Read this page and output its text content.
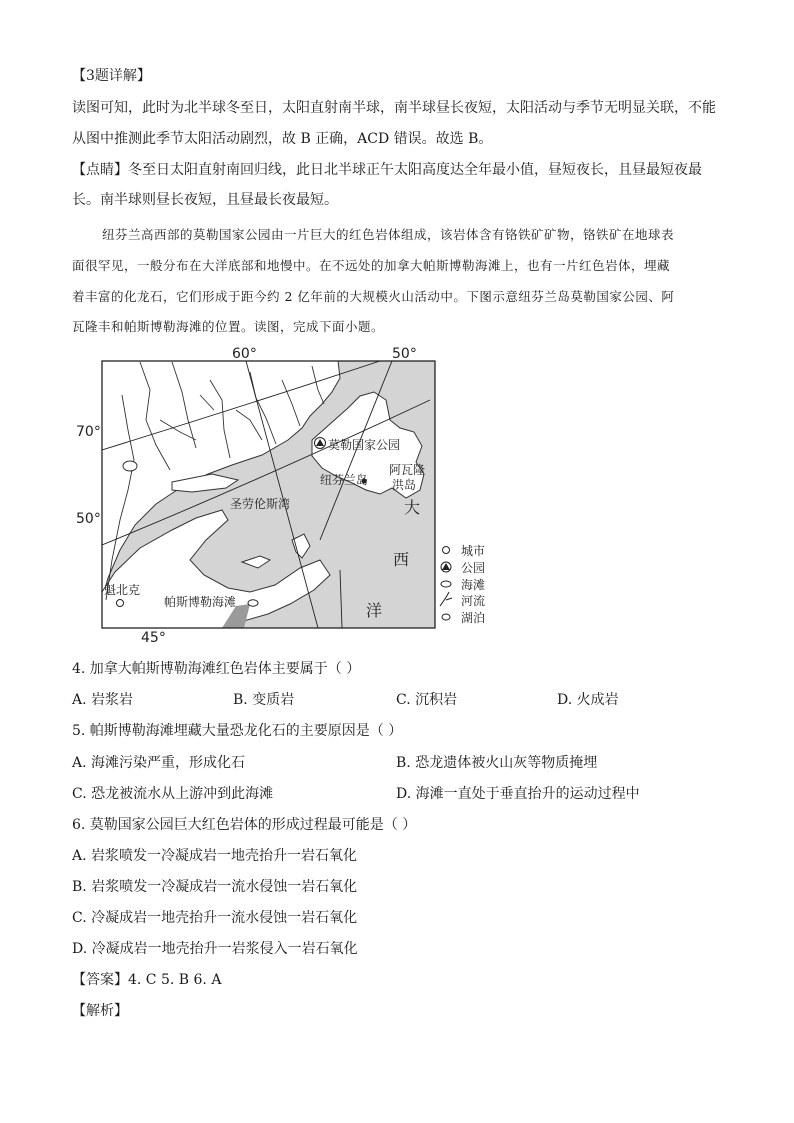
【3题详解】
读图可知，此时为北半球冬至日，太阳直射南半球，南半球昼长夜短，太阳活动与季节无明显关联，不能
从图中推测此季节太阳活动剧烈，故 B 正确，ACD 错误。故选 B。
【点睛】冬至日太阳直射南回归线，此日北半球正午太阳高度达全年最小值，昼短夜长，且昼最短夜最
长。南半球则昼长夜短，且昼最长夜最短。
纽芬兰高西部的莫勒国家公园由一片巨大的红色岩体组成，该岩体含有铬铁矿矿物，铬铁矿在地球表
面很罕见，一般分布在大洋底部和地慢中。在不远处的加拿大帕斯博勒海滩上，也有一片红色岩体，埋藏
着丰富的化龙石，它们形成于距今约 2 亿年前的大规模火山活动中。下图示意纽芬兰岛莫勒国家公园、阿
瓦隆丰和帕斯博勒海滩的位置。读图，完成下面小题。
60°	50°
45°
70°
50°
莫勒国家公园
阿瓦隆
洪岛
纽芬兰岛
圣劳伦斯湾
帕斯博勒海滩
魁北克
大
西
洋
城市
公园
海滩
河流
湖泊
4. 加拿大帕斯博勒海滩红色岩体主要属于（ ）
A. 岩浆岩	B. 变质岩	C. 沉积岩	D. 火成岩
5. 帕斯博勒海滩埋藏大量恐龙化石的主要原因是（ ）
A. 海滩污染严重，形成化石	B. 恐龙遗体被火山灰等物质掩埋
C. 恐龙被流水从上游冲到此海滩	D. 海滩一直处于垂直抬升的运动过程中
6. 莫勒国家公园巨大红色岩体的形成过程最可能是（ ）
A. 岩浆喷发一冷凝成岩一地壳抬升一岩石氧化
B. 岩浆喷发一冷凝成岩一流水侵蚀一岩石氧化
C. 冷凝成岩一地壳抬升一流水侵蚀一岩石氧化
D. 冷凝成岩一地壳抬升一岩浆侵入一岩石氧化
【答案】4. C 5. B 6. A
【解析】
